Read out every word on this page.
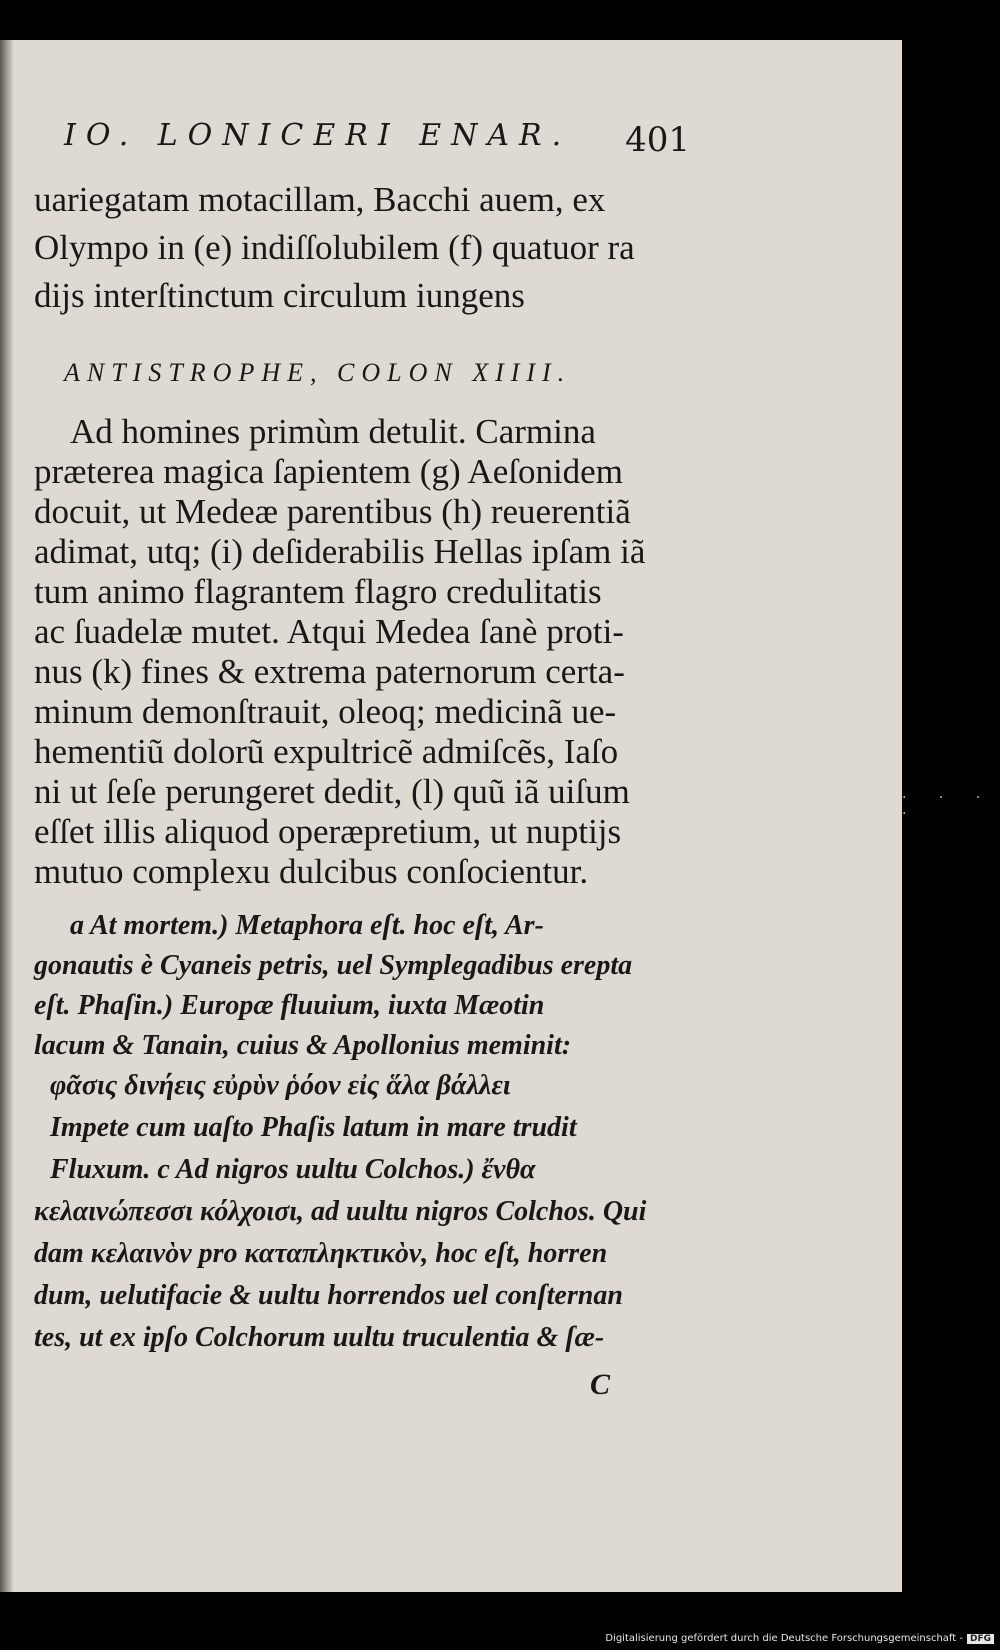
IO. LONICERI ENAR. 401
uariegatam motacillam, Bacchi auem, ex
Olympo in (e) indiſſolubilem (f) quatuor ra
dijs interſtinctum circulum iungens
ANTISTROPHE, COLON XIIII.
Ad homines primùm detulit. Carmina
præterea magica ſapientem (g) Aeſonidem
docuit, ut Medeæ parentibus (h) reuerentiã
adimat, utq; (i) deſiderabilis Hellas ipſam iã
tum animo flagrantem flagro credulitatis
ac ſuadelæ mutet. Atqui Medea ſanè proti-
nus (k) fines & extrema paternorum certa-
minum demonſtrauit, oleoq; medicinã ue-
hementiũ dolorũ expultricẽ admiſcẽs, Iaſo
ni ut ſeſe perungeret dedit, (l) quũ iã uiſum
eſſet illis aliquod operæpretium, ut nuptijs
mutuo complexu dulcibus conſocientur.
a At mortem.) Metaphora eſt. hoc eſt, Ar-
gonautis è Cyaneis petris, uel Symplegadibus erepta
eſt. Phaſin.) Europæ fluuium, iuxta Mæotin
lacum & Tanain, cuius & Apollonius meminit:
φᾶσις δινήεις εὐρὺν ῥόον εἰς ἅλα βάλλει
Impete cum uaſto Phaſis latum in mare trudit
Fluxum. c Ad nigros uultu Colchos.) ἔνθα
κελαινώπεσσι κόλχοισι, ad uultu nigros Colchos. Qui
dam κελαινὸν pro καταπληκτικὸν, hoc eſt, horren
dum, uelutifacie & uultu horrendos uel conſternan
tes, ut ex ipſo Colchorum uultu truculentia & ſæ-
C
· · · ·
Digitalisierung gefördert durch die Deutsche Forschungsgemeinschaft - DFG
